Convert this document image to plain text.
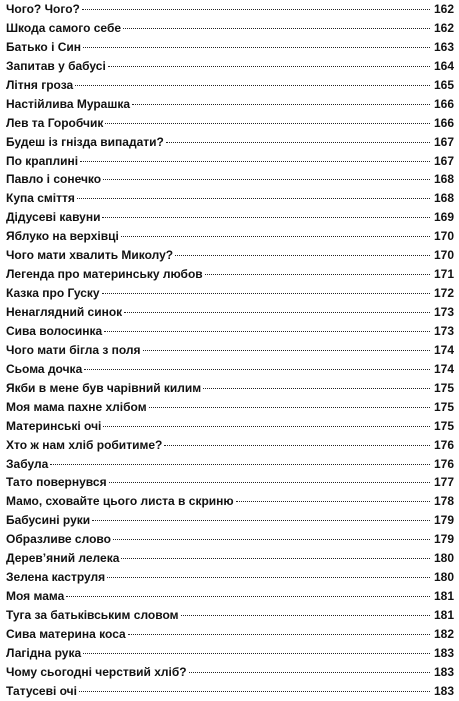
Чого? Чого?	162
Шкода самого себе	162
Батько і Син	163
Запитав у бабусі	164
Літня гроза	165
Настійлива Мурашка	166
Лев та Горобчик	166
Будеш із гнізда випадати?	167
По краплині	167
Павло і сонечко	168
Купа сміття	168
Дідусеві кавуни	169
Яблуко на верхівці	170
Чого мати хвалить Миколу?	170
Легенда про материнську любов	171
Казка про Гуску	172
Ненаглядний синок	173
Сива волосинка	173
Чого мати бігла з поля	174
Сьома дочка	174
Якби в мене був чарівний килим	175
Моя мама пахне хлібом	175
Материнські очі	175
Хто ж нам хліб робитиме?	176
Забула	176
Тато повернувся	177
Мамо, сховайте цього листа в скриню	178
Бабусині руки	179
Образливе слово	179
Дерев’яний лелека	180
Зелена каструля	180
Моя мама	181
Туга за батьківським словом	181
Сива материна коса	182
Лагідна рука	183
Чому сьогодні черствий хліб?	183
Татусеві очі	183
